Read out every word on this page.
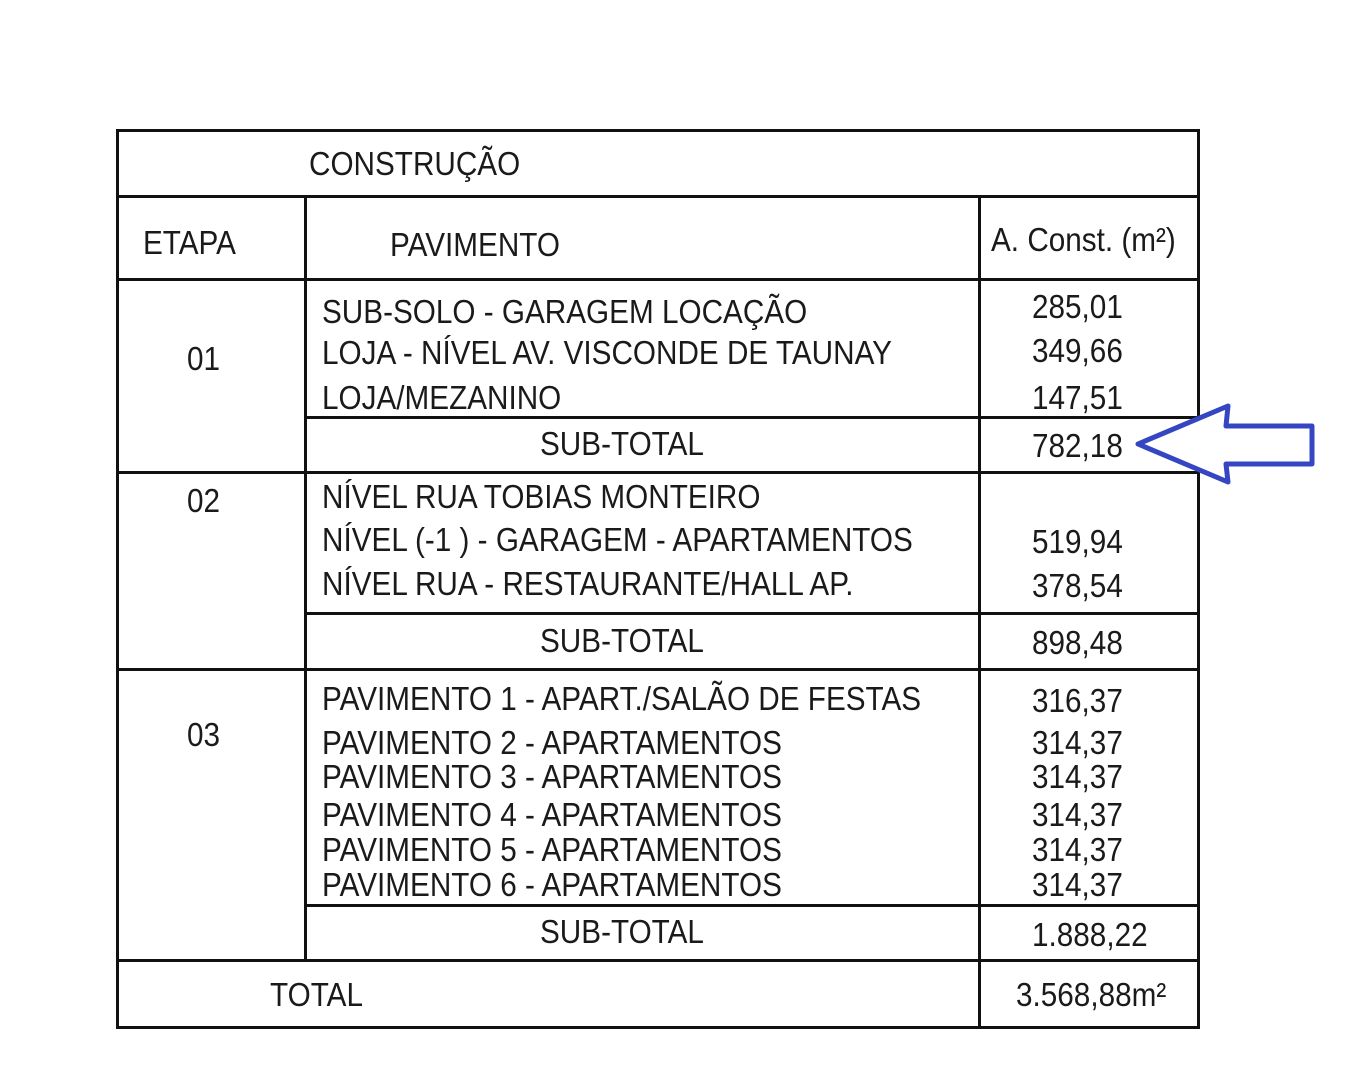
CONSTRUÇÃO
ETAPA	PAVIMENTO	A. Const. (m²)
01
SUB-SOLO - GARAGEM LOCAÇÃO	285,01
LOJA - NÍVEL AV. VISCONDE DE TAUNAY	349,66
LOJA/MEZANINO	147,51
SUB-TOTAL	782,18
02	NÍVEL RUA TOBIAS MONTEIRO
NÍVEL (-1 ) - GARAGEM - APARTAMENTOS	519,94
NÍVEL RUA - RESTAURANTE/HALL AP.	378,54
SUB-TOTAL	898,48
03
PAVIMENTO 1 - APART./SALÃO DE FESTAS	316,37
PAVIMENTO 2 - APARTAMENTOS	314,37
PAVIMENTO 3 - APARTAMENTOS	314,37
PAVIMENTO 4 - APARTAMENTOS	314,37
PAVIMENTO 5 - APARTAMENTOS	314,37
PAVIMENTO 6 - APARTAMENTOS	314,37
SUB-TOTAL	1.888,22
TOTAL	3.568,88m²
